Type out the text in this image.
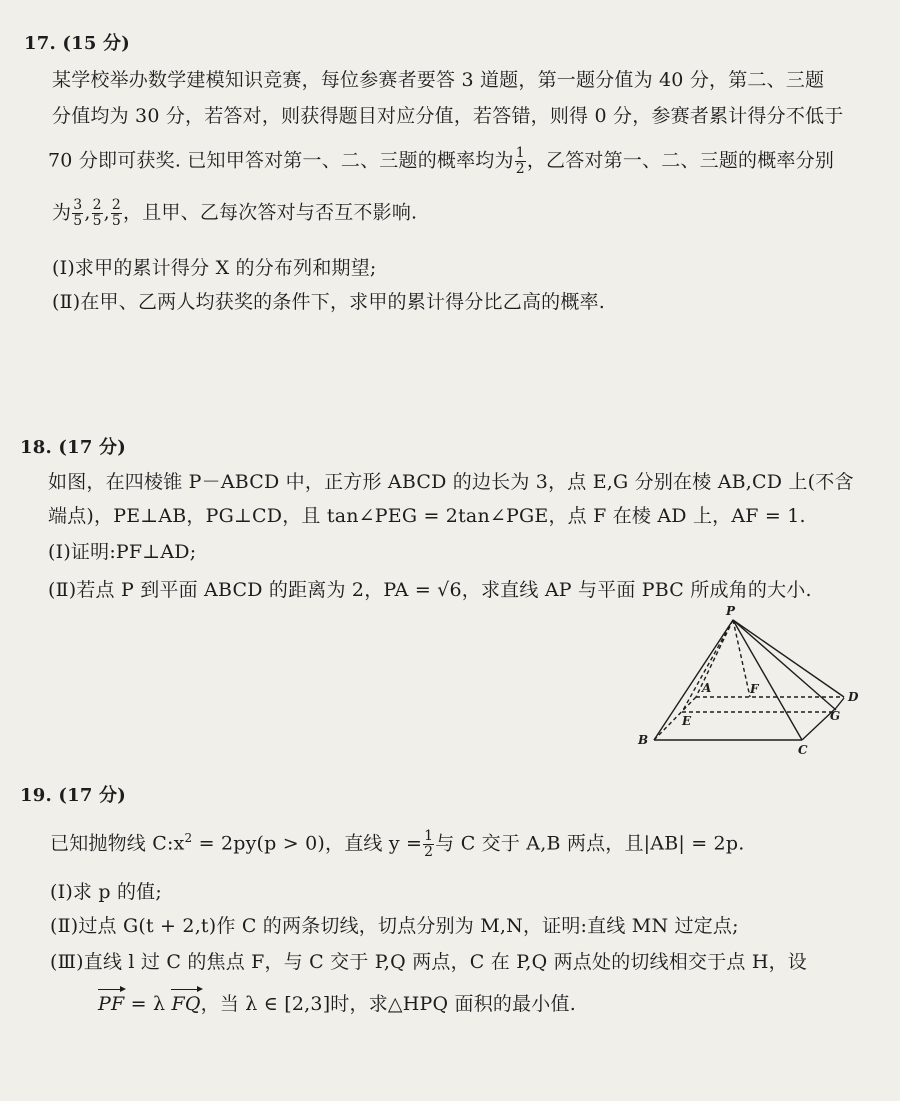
17. (15 分)
某学校举办数学建模知识竞赛，每位参赛者要答 3 道题，第一题分值为 40 分，第二、三题
分值均为 30 分，若答对，则获得题目对应分值，若答错，则得 0 分，参赛者累计得分不低于
70 分即可获奖. 已知甲答对第一、二、三题的概率均为 $\frac{1}{2}$ ，乙答对第一、二、三题的概率分别
为 $\frac{3}{5}$ , $\frac{2}{5}$ , $\frac{2}{5}$ ，且甲、乙每次答对与否互不影响.
(Ⅰ)求甲的累计得分 X 的分布列和期望;
(Ⅱ)在甲、乙两人均获奖的条件下，求甲的累计得分比乙高的概率.
18. (17 分)
如图，在四棱锥 P－ABCD 中，正方形 ABCD 的边长为 3，点 E,G 分别在棱 AB,CD 上(不含
端点)，PE⊥AB，PG⊥CD，且 tan∠PEG = 2tan∠PGE，点 F 在棱 AD 上，AF = 1.
(Ⅰ)证明:PF⊥AD;
(Ⅱ)若点 P 到平面 ABCD 的距离为 2，PA = √6，求直线 AP 与平面 PBC 所成角的大小.
P
A	F
D
E	G
B
C
19. (17 分)
已知抛物线 $C:x^2 = 2py(p > 0)$，直线 $y = \frac{1}{2}$ 与 C 交于 A,B 两点，且|AB| = 2p.
(Ⅰ)求 p 的值;
(Ⅱ)过点 G(t + 2,t)作 C 的两条切线，切点分别为 M,N，证明:直线 MN 过定点;
(Ⅲ)直线 l 过 C 的焦点 F，与 C 交于 P,Q 两点，C 在 P,Q 两点处的切线相交于点 H，设
PF = λ FQ，当 λ ∈ [2,3]时，求△HPQ 面积的最小值.
